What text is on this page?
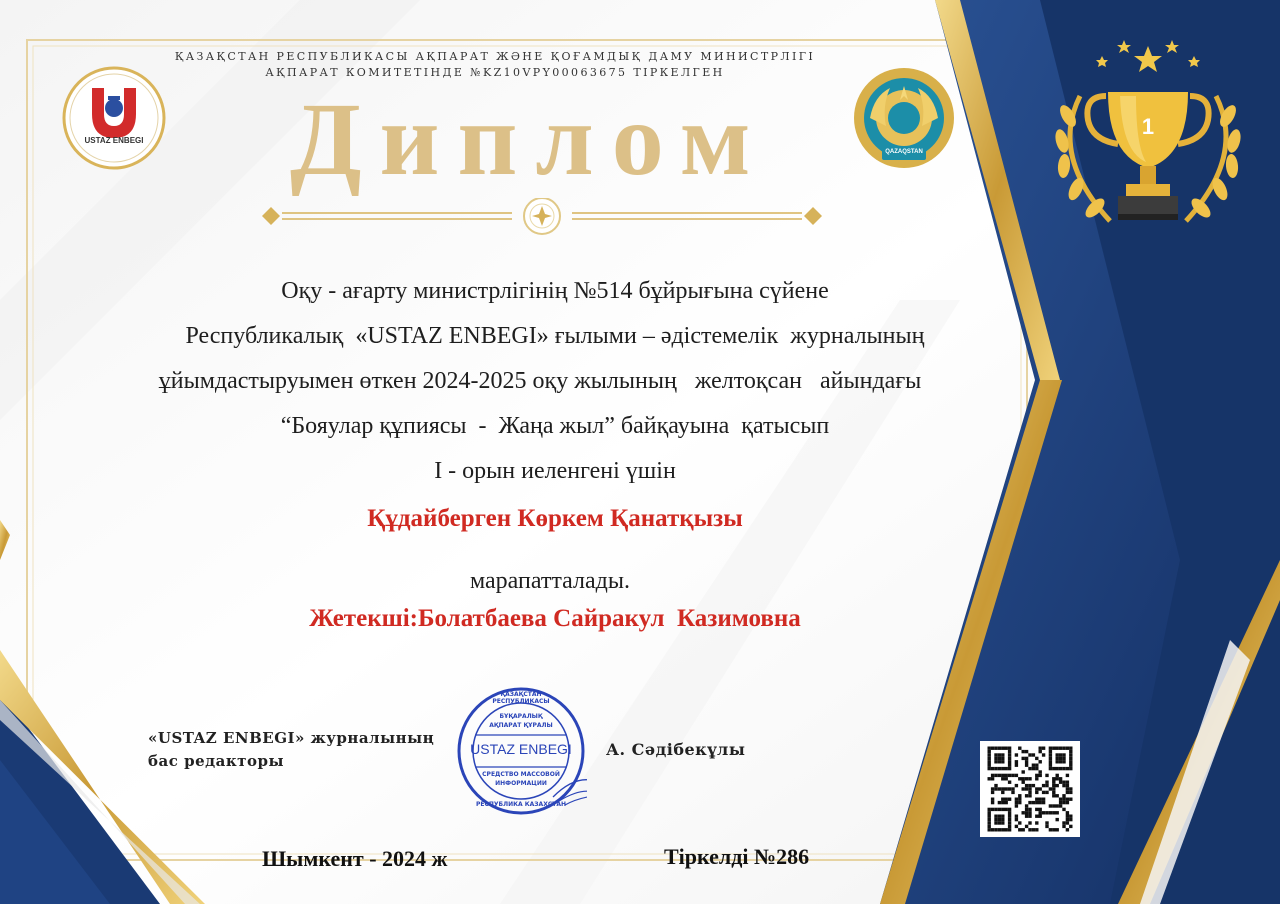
ҚАЗАҚСТАН РЕСПУБЛИКАСЫ АҚПАРАТ ЖӘНЕ ҚОҒАМДЫҚ ДАМУ МИНИСТРЛІГІ
АҚПАРАТ КОМИТЕТІНДЕ №KZ10VPY00063675 ТІРКЕЛГЕН
USTAZ ENBEGI
QAZAQSTAN
Диплом	1
Оқу - ағарту министрлігінің №514 бұйрығына сүйене
Республикалық  «USTAZ ENBEGI» ғылыми – әдістемелік  журналының
ұйымдастыруымен өткен 2024-2025 оқу жылының   желтоқсан   айындағы
“Бояулар құпиясы  -  Жаңа жыл” байқауына  қатысып
І - орын иеленгені үшін
Құдайберген Көркем Қанатқызы
марапатталады.
Жетекші:Болатбаева Сайракул  Казимовна
«USTAZ ENBEGI» журналының
бас редакторы
А. Сәдібекұлы
ҚАЗАҚСТАН РЕСПУБЛИКАСЫ
БҰҚАРАЛЫҚ
АҚПАРАТ ҚҰРАЛЫ
USTAZ ENBEGI
СРЕДСТВО МАССОВОЙ
ИНФОРМАЦИИ
РЕСПУБЛИКА КАЗАХСТАН
Шымкент - 2024 ж	Тіркелді №286
